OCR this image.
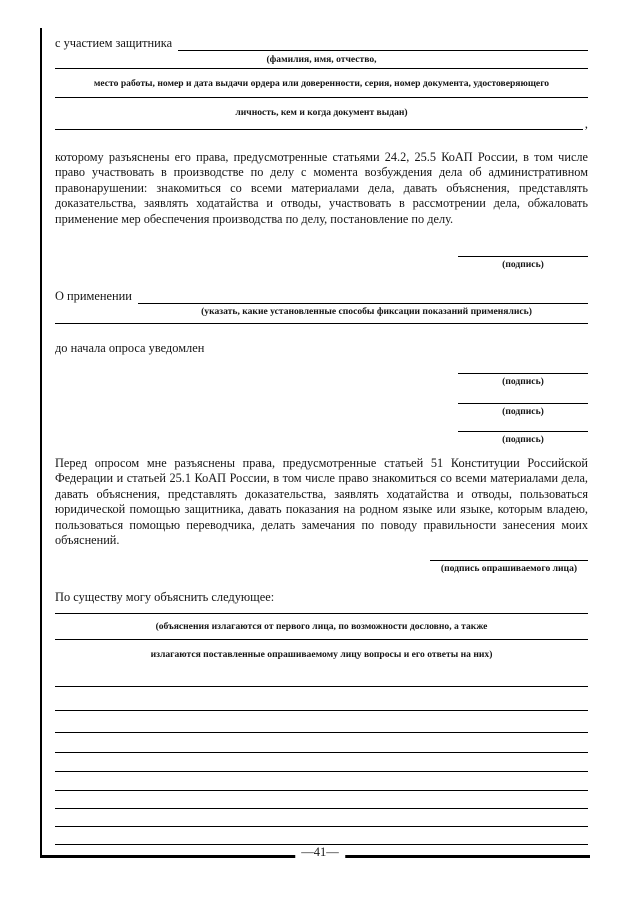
с участием защитника
(фамилия, имя, отчество,
место работы, номер и дата выдачи ордера или доверенности, серия, номер документа, удостоверяющего
личность, кем и когда документ выдан)
,
которому разъяснены его права, предусмотренные статьями 24.2, 25.5 КоАП России, в том числе право участвовать в производстве по делу с момента возбуждения дела об административном правонарушении: знакомиться со всеми материалами дела, давать объяснения, представлять доказательства, заявлять ходатайства и отводы, участвовать в рассмотрении дела, обжаловать применение мер обеспечения производства по делу, постановление по делу.
(подпись)
О применении
(указать, какие установленные способы фиксации показаний применялись)
до начала опроса уведомлен
(подпись)
(подпись)
(подпись)
Перед опросом мне разъяснены права, предусмотренные статьей 51 Конституции Российской Федерации и статьей 25.1 КоАП России, в том числе право знакомиться со всеми материалами дела, давать объяснения, представлять доказательства, заявлять ходатайства и отводы, пользоваться юридической помощью защитника, давать показания на родном языке или языке, которым владею, пользоваться помощью переводчика, делать замечания по поводу правильности занесения моих объяснений.
(подпись опрашиваемого лица)
По существу могу объяснить следующее:
(объяснения излагаются от первого лица, по возможности дословно, а также
излагаются поставленные опрашиваемому лицу вопросы и его ответы на них)
—41—
